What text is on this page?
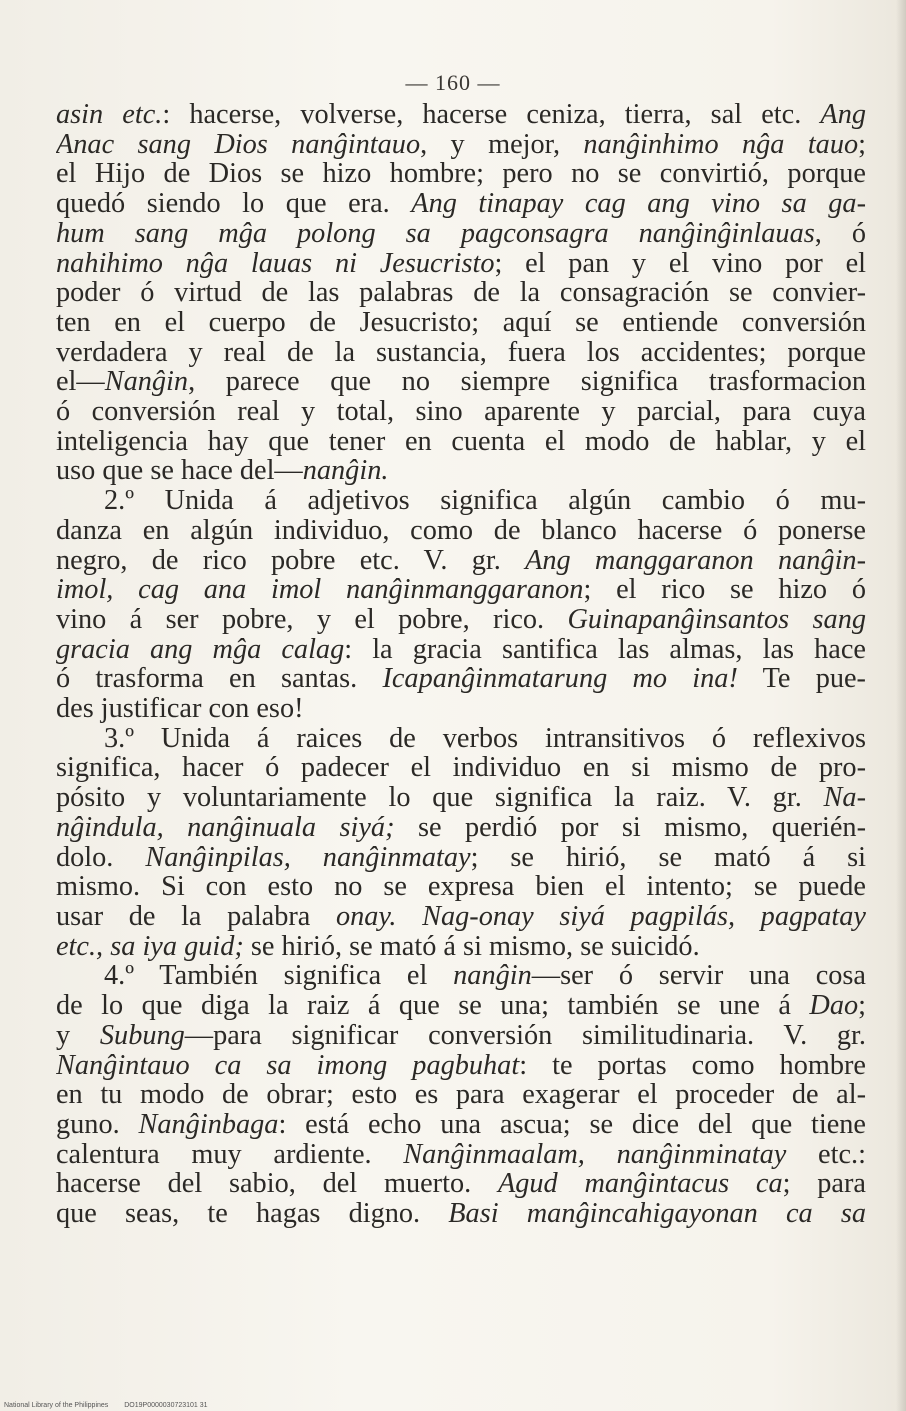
— 160 —
asin etc.: hacerse, volverse, hacerse ceniza, tierra, sal etc. Ang
Anac sang Dios nanĝintauo, y mejor, nanĝinhimo nĝa tauo;
el Hijo de Dios se hizo hombre; pero no se convirtió, porque
quedó siendo lo que era. Ang tinapay cag ang vino sa ga-
hum sang mĝa polong sa pagconsagra nanĝinĝinlauas, ó
nahihimo nĝa lauas ni Jesucristo; el pan y el vino por el
poder ó virtud de las palabras de la consagración se convier-
ten en el cuerpo de Jesucristo; aquí se entiende conversión
verdadera y real de la sustancia, fuera los accidentes; porque
el—Nanĝin, parece que no siempre significa trasformacion
ó conversión real y total, sino aparente y parcial, para cuya
inteligencia hay que tener en cuenta el modo de hablar, y el
uso que se hace del—nanĝin.
2.º Unida á adjetivos significa algún cambio ó mu-
danza en algún individuo, como de blanco hacerse ó ponerse
negro, de rico pobre etc. V. gr. Ang manggaranon nanĝin-
imol, cag ana imol nanĝinmanggaranon; el rico se hizo ó
vino á ser pobre, y el pobre, rico. Guinapanĝinsantos sang
gracia ang mĝa calag: la gracia santifica las almas, las hace
ó trasforma en santas. Icapanĝinmatarung mo ina! Te pue-
des justificar con eso!
3.º Unida á raices de verbos intransitivos ó reflexivos
significa, hacer ó padecer el individuo en si mismo de pro-
pósito y voluntariamente lo que significa la raiz. V. gr. Na-
nĝindula, nanĝinuala siyá; se perdió por si mismo, querién-
dolo. Nanĝinpilas, nanĝinmatay; se hirió, se mató á si
mismo. Si con esto no se expresa bien el intento; se puede
usar de la palabra onay. Nag-onay siyá pagpilás, pagpatay
etc., sa iya guid; se hirió, se mató á si mismo, se suicidó.
4.º También significa el nanĝin—ser ó servir una cosa
de lo que diga la raiz á que se una; también se une á Dao;
y Subung—para significar conversión similitudinaria. V. gr.
Nanĝintauo ca sa imong pagbuhat: te portas como hombre
en tu modo de obrar; esto es para exagerar el proceder de al-
guno. Nanĝinbaga: está echo una ascua; se dice del que tiene
calentura muy ardiente. Nanĝinmaalam, nanĝinminatay etc.:
hacerse del sabio, del muerto. Agud manĝintacus ca; para
que seas, te hagas digno. Basi manĝincahigayonan ca sa
National Library of the Philippines DO19P0000030723101 31
